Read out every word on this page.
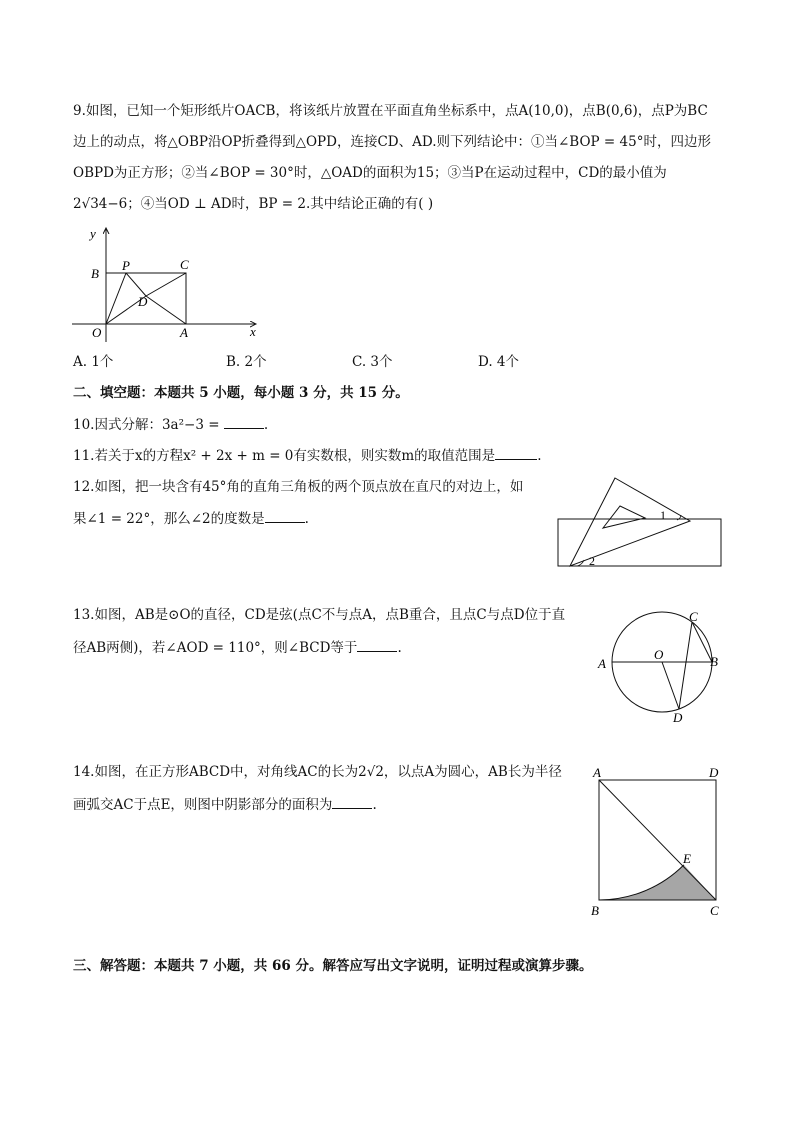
9.如图，已知一个矩形纸片OACB，将该纸片放置在平面直角坐标系中，点A(10,0)，点B(0,6)，点P为BC
边上的动点，将△OBP沿OP折叠得到△OPD，连接CD、AD.则下列结论中：①当∠BOP = 45°时，四边形
OBPD为正方形；②当∠BOP = 30°时，△OAD的面积为15；③当P在运动过程中，CD的最小值为
2√34−6；④当OD ⊥ AD时，BP = 2.其中结论正确的有( )
y
x
B
P	C
D
O	A
A. 1个	B. 2个	C. 3个	D. 4个
二、填空题：本题共 5 小题，每小题 3 分，共 15 分。
10.因式分解：3a²−3 =	.
11.若关于x的方程x² + 2x + m = 0有实数根，则实数m的取值范围是	.
12.如图，把一块含有45°角的直角三角板的两个顶点放在直尺的对边上，如
果∠1 = 22°，那么∠2的度数是	.	1
2
13.如图，AB是⊙O的直径，CD是弦(点C不与点A，点B重合，且点C与点D位于直
径AB两侧)，若∠AOD = 110°，则∠BCD等于	.
A
O	B
C
D
14.如图，在正方形ABCD中，对角线AC的长为2√2，以点A为圆心，AB长为半径
画弧交AC于点E，则图中阴影部分的面积为	.
A	D
E
B	C
三、解答题：本题共 7 小题，共 66 分。解答应写出文字说明，证明过程或演算步骤。
